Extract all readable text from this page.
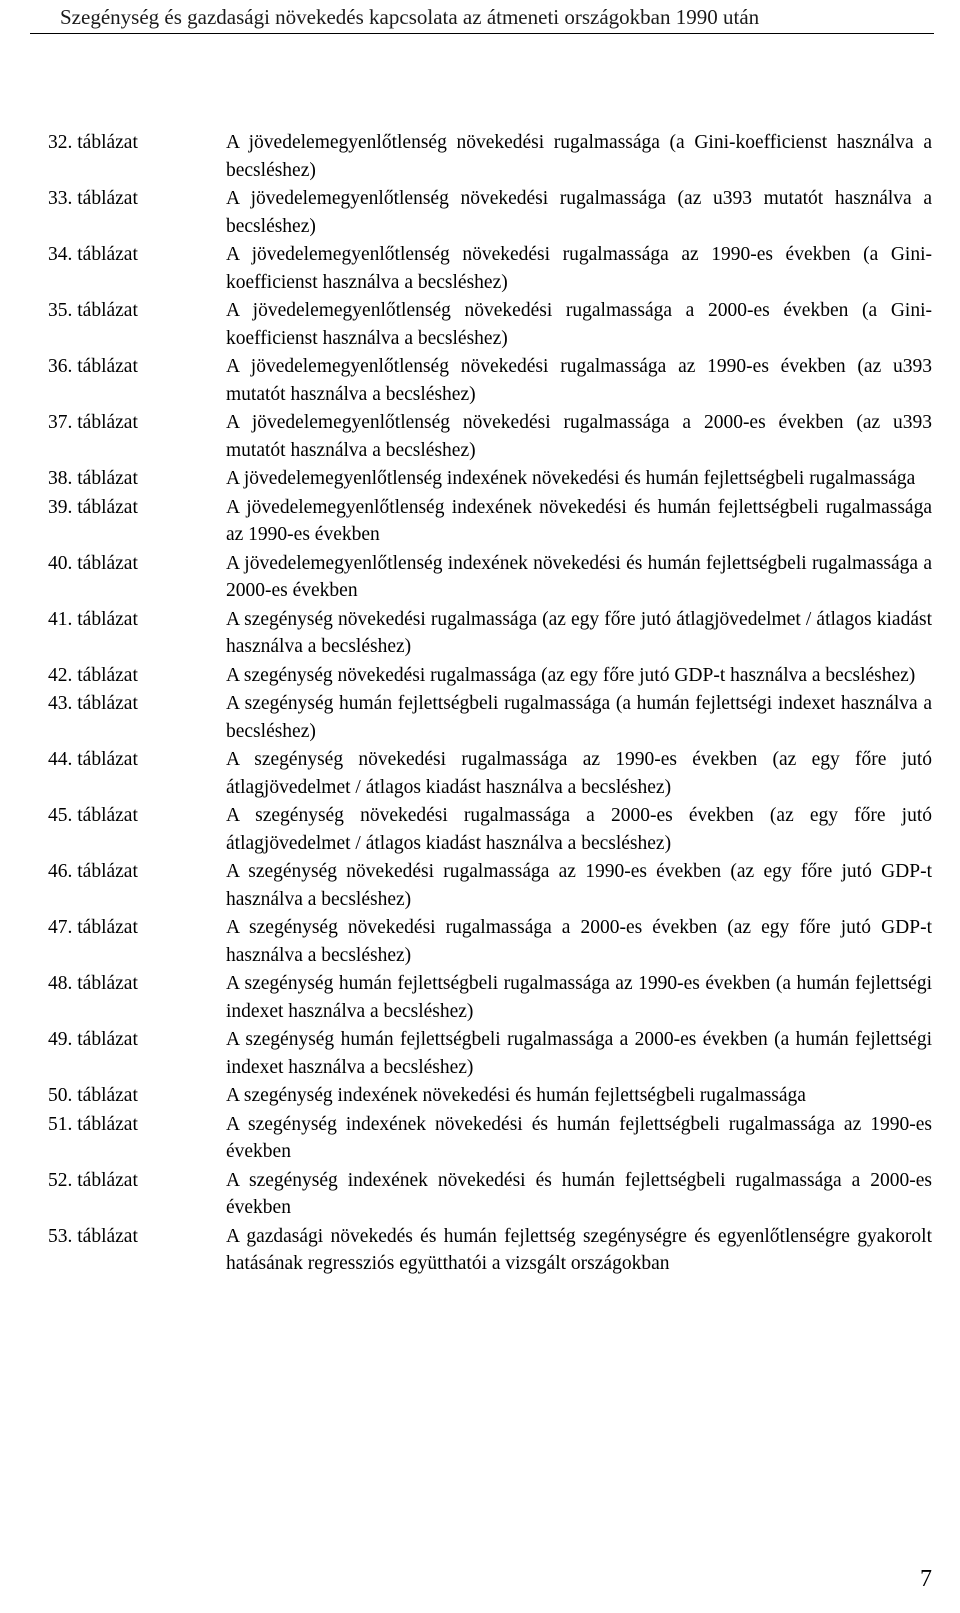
Szegénység és gazdasági növekedés kapcsolata az átmeneti országokban 1990 után
32. táblázat	A jövedelemegyenlőtlenség növekedési rugalmassága (a Gini-koefficienst használva a becsléshez)
33. táblázat	A jövedelemegyenlőtlenség növekedési rugalmassága (az u393 mutatót használva a becsléshez)
34. táblázat	A jövedelemegyenlőtlenség növekedési rugalmassága az 1990-es években (a Gini-koefficienst használva a becsléshez)
35. táblázat	A jövedelemegyenlőtlenség növekedési rugalmassága a 2000-es években (a Gini-koefficienst használva a becsléshez)
36. táblázat	A jövedelemegyenlőtlenség növekedési rugalmassága az 1990-es években (az u393 mutatót használva a becsléshez)
37. táblázat	A jövedelemegyenlőtlenség növekedési rugalmassága a 2000-es években (az u393 mutatót használva a becsléshez)
38. táblázat	A jövedelemegyenlőtlenség indexének növekedési és humán fejlettségbeli rugalmassága
39. táblázat	A jövedelemegyenlőtlenség indexének növekedési és humán fejlettségbeli rugalmassága az 1990-es években
40. táblázat	A jövedelemegyenlőtlenség indexének növekedési és humán fejlettségbeli rugalmassága a 2000-es években
41. táblázat	A szegénység növekedési rugalmassága (az egy főre jutó átlagjövedelmet / átlagos kiadást használva a becsléshez)
42. táblázat	A szegénység növekedési rugalmassága (az egy főre jutó GDP-t használva a becsléshez)
43. táblázat	A szegénység humán fejlettségbeli rugalmassága (a humán fejlettségi indexet használva a becsléshez)
44. táblázat	A szegénység növekedési rugalmassága az 1990-es években (az egy főre jutó átlagjövedelmet / átlagos kiadást használva a becsléshez)
45. táblázat	A szegénység növekedési rugalmassága a 2000-es években (az egy főre jutó átlagjövedelmet / átlagos kiadást használva a becsléshez)
46. táblázat	A szegénység növekedési rugalmassága az 1990-es években (az egy főre jutó GDP-t használva a becsléshez)
47. táblázat	A szegénység növekedési rugalmassága a 2000-es években (az egy főre jutó GDP-t használva a becsléshez)
48. táblázat	A szegénység humán fejlettségbeli rugalmassága az 1990-es években (a humán fejlettségi indexet használva a becsléshez)
49. táblázat	A szegénység humán fejlettségbeli rugalmassága a 2000-es években (a humán fejlettségi indexet használva a becsléshez)
50. táblázat	A szegénység indexének növekedési és humán fejlettségbeli rugalmassága
51. táblázat	A szegénység indexének növekedési és humán fejlettségbeli rugalmassága az 1990-es években
52. táblázat	A szegénység indexének növekedési és humán fejlettségbeli rugalmassága a 2000-es években
53. táblázat	A gazdasági növekedés és humán fejlettség szegénységre és egyenlőtlenségre gyakorolt hatásának regressziós együtthatói a vizsgált országokban
7
